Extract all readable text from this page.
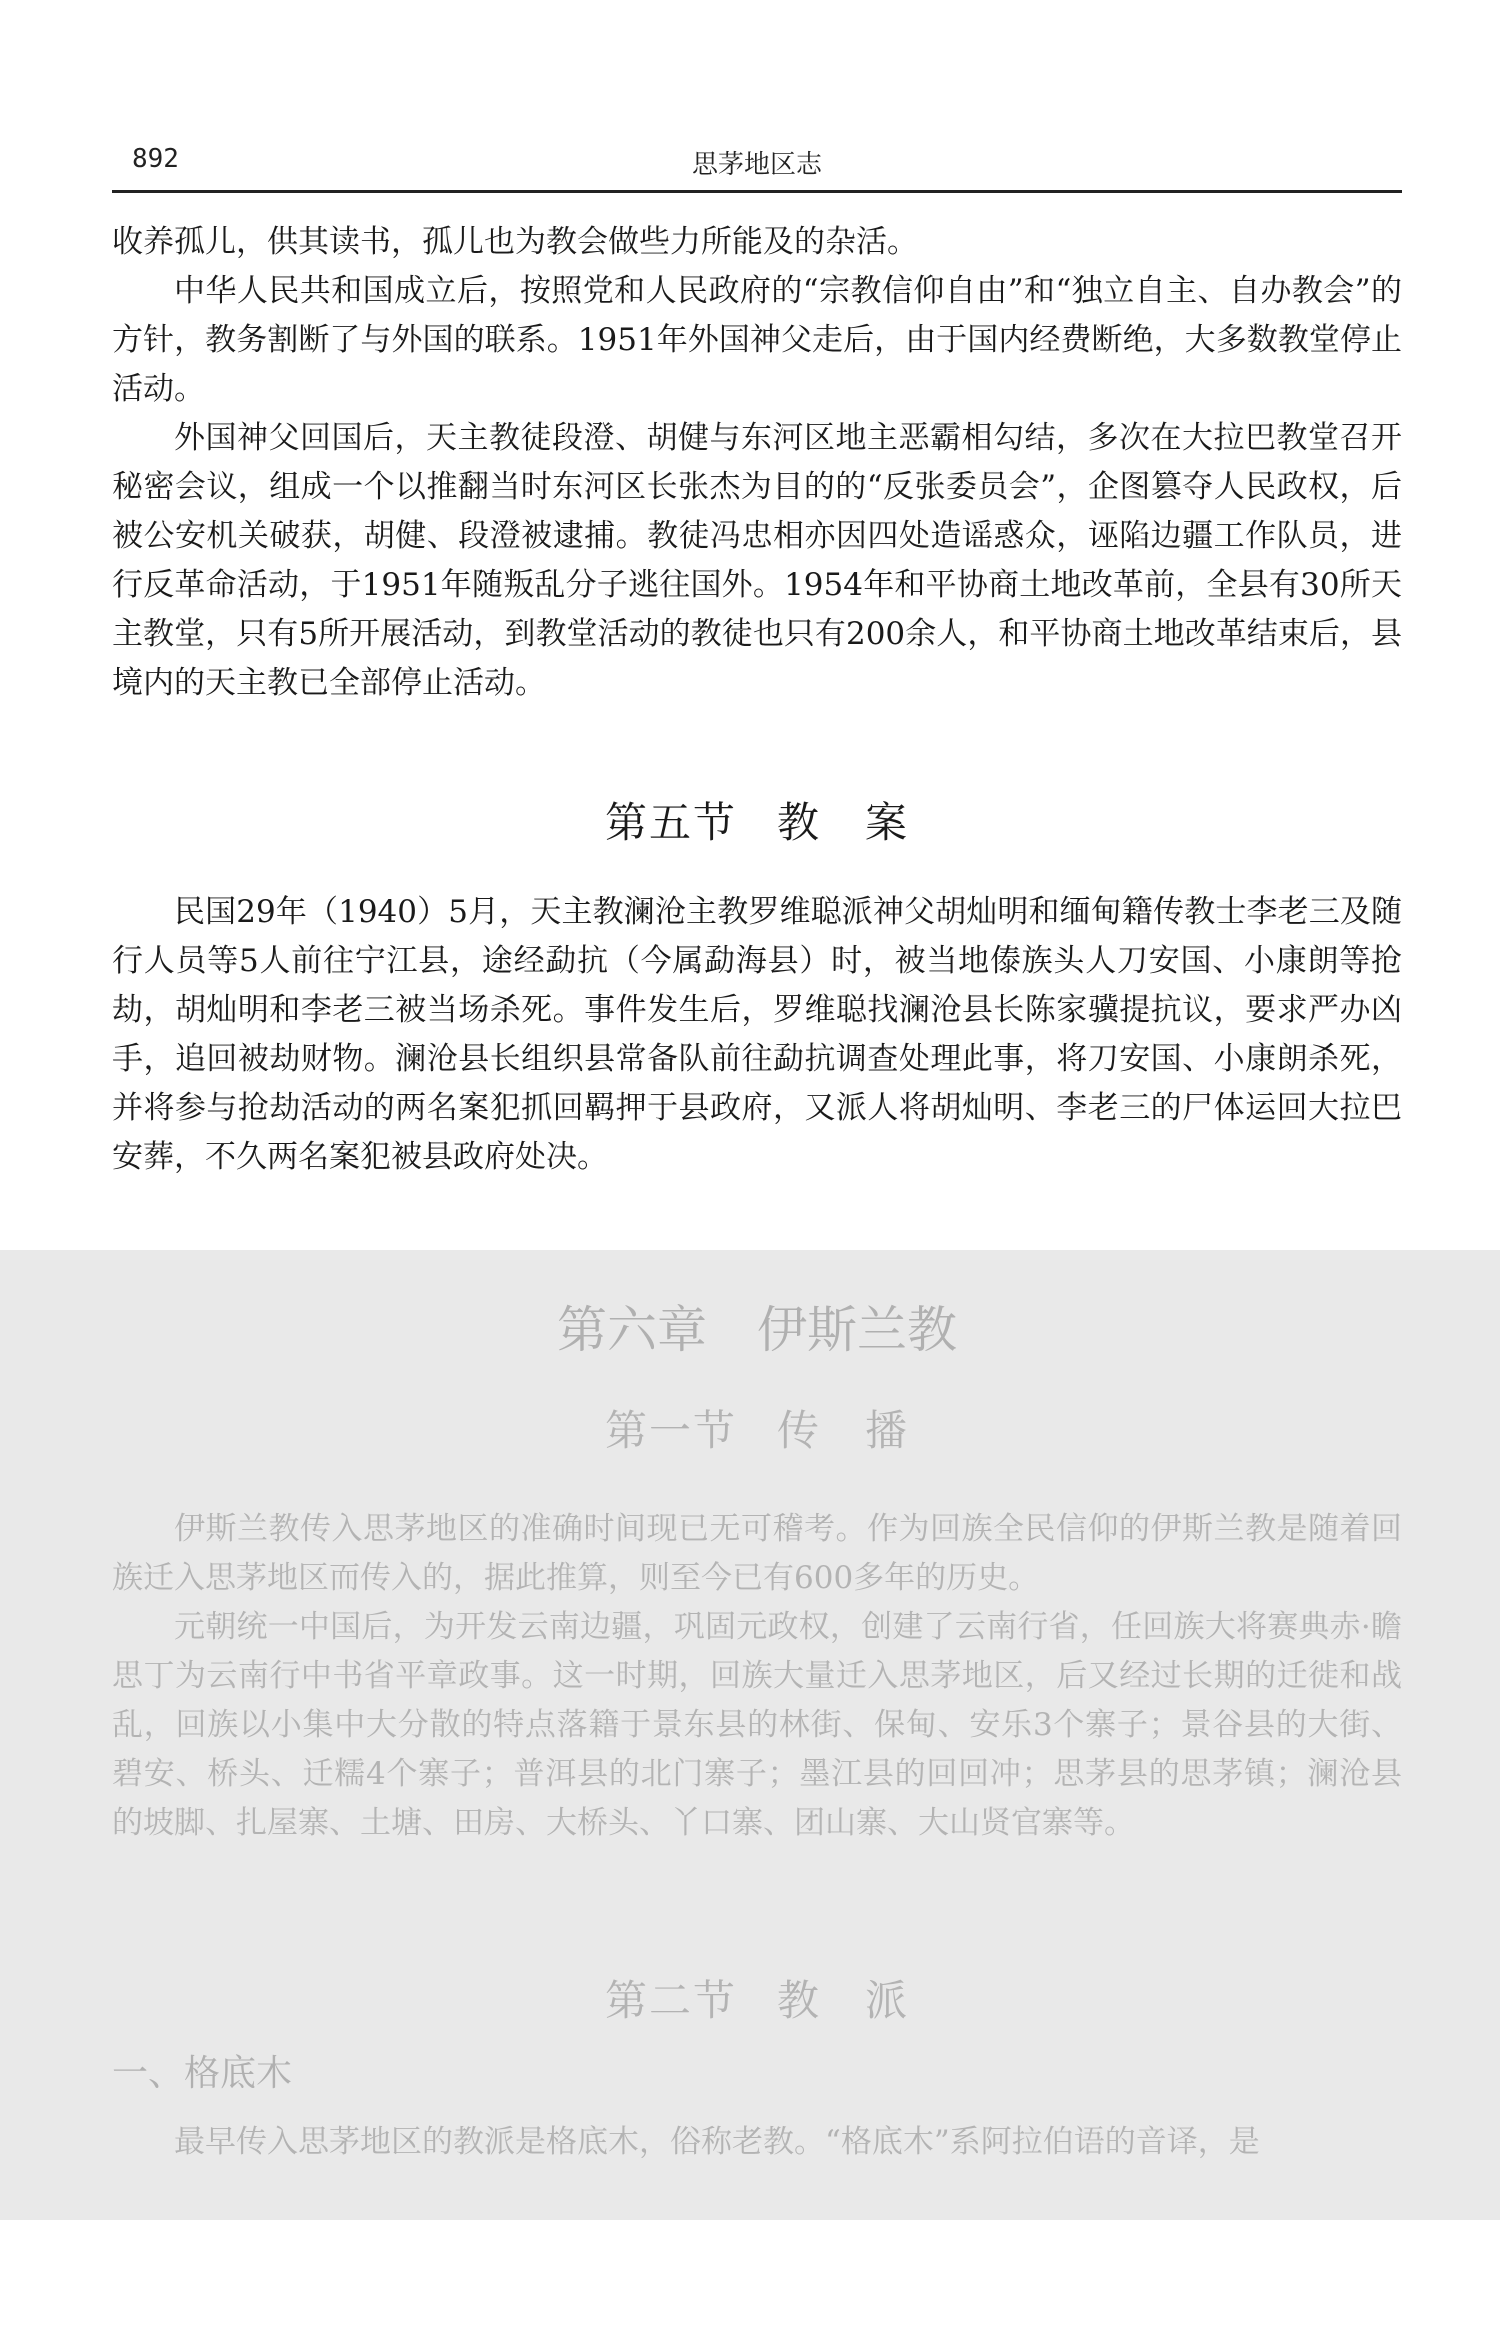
892	思茅地区志

收养孤儿，供其读书，孤儿也为教会做些力所能及的杂活。

中华人民共和国成立后，按照党和人民政府的“宗教信仰自由”和“独立自主、自办教会”的方针，教务割断了与外国的联系。1951年外国神父走后，由于国内经费断绝，大多数教堂停止活动。

外国神父回国后，天主教徒段澄、胡健与东河区地主恶霸相勾结，多次在大拉巴教堂召开秘密会议，组成一个以推翻当时东河区长张杰为目的的“反张委员会”，企图篡夺人民政权，后被公安机关破获，胡健、段澄被逮捕。教徒冯忠相亦因四处造谣惑众，诬陷边疆工作队员，进行反革命活动，于1951年随叛乱分子逃往国外。1954年和平协商土地改革前，全县有30所天主教堂，只有5所开展活动，到教堂活动的教徒也只有200余人，和平协商土地改革结束后，县境内的天主教已全部停止活动。

第五节 教　案

民国29年（1940）5月，天主教澜沧主教罗维聪派神父胡灿明和缅甸籍传教士李老三及随行人员等5人前往宁江县，途经勐抗（今属勐海县）时，被当地傣族头人刀安国、小康朗等抢劫，胡灿明和李老三被当场杀死。事件发生后，罗维聪找澜沧县长陈家骥提抗议，要求严办凶手，追回被劫财物。澜沧县长组织县常备队前往勐抗调查处理此事，将刀安国、小康朗杀死，并将参与抢劫活动的两名案犯抓回羁押于县政府，又派人将胡灿明、李老三的尸体运回大拉巴安葬，不久两名案犯被县政府处决。

第六章 伊斯兰教
第一节 传　播

伊斯兰教传入思茅地区的准确时间现已无可稽考。作为回族全民信仰的伊斯兰教是随着回族迁入思茅地区而传入的，据此推算，则至今已有600多年的历史。

元朝统一中国后，为开发云南边疆，巩固元政权，创建了云南行省，任回族大将赛典赤·瞻思丁为云南行中书省平章政事。这一时期，回族大量迁入思茅地区，后又经过长期的迁徙和战乱，回族以小集中大分散的特点落籍于景东县的林街、保甸、安乐3个寨子；景谷县的大街、碧安、桥头、迁糯4个寨子；普洱县的北门寨子；墨江县的回回冲；思茅县的思茅镇；澜沧县的坡脚、扎屋寨、土塘、田房、大桥头、丫口寨、团山寨、大山贤官寨等。

第二节 教　派
一、格底木

最早传入思茅地区的教派是格底木，俗称老教。“格底木”系阿拉伯语的音译，是
